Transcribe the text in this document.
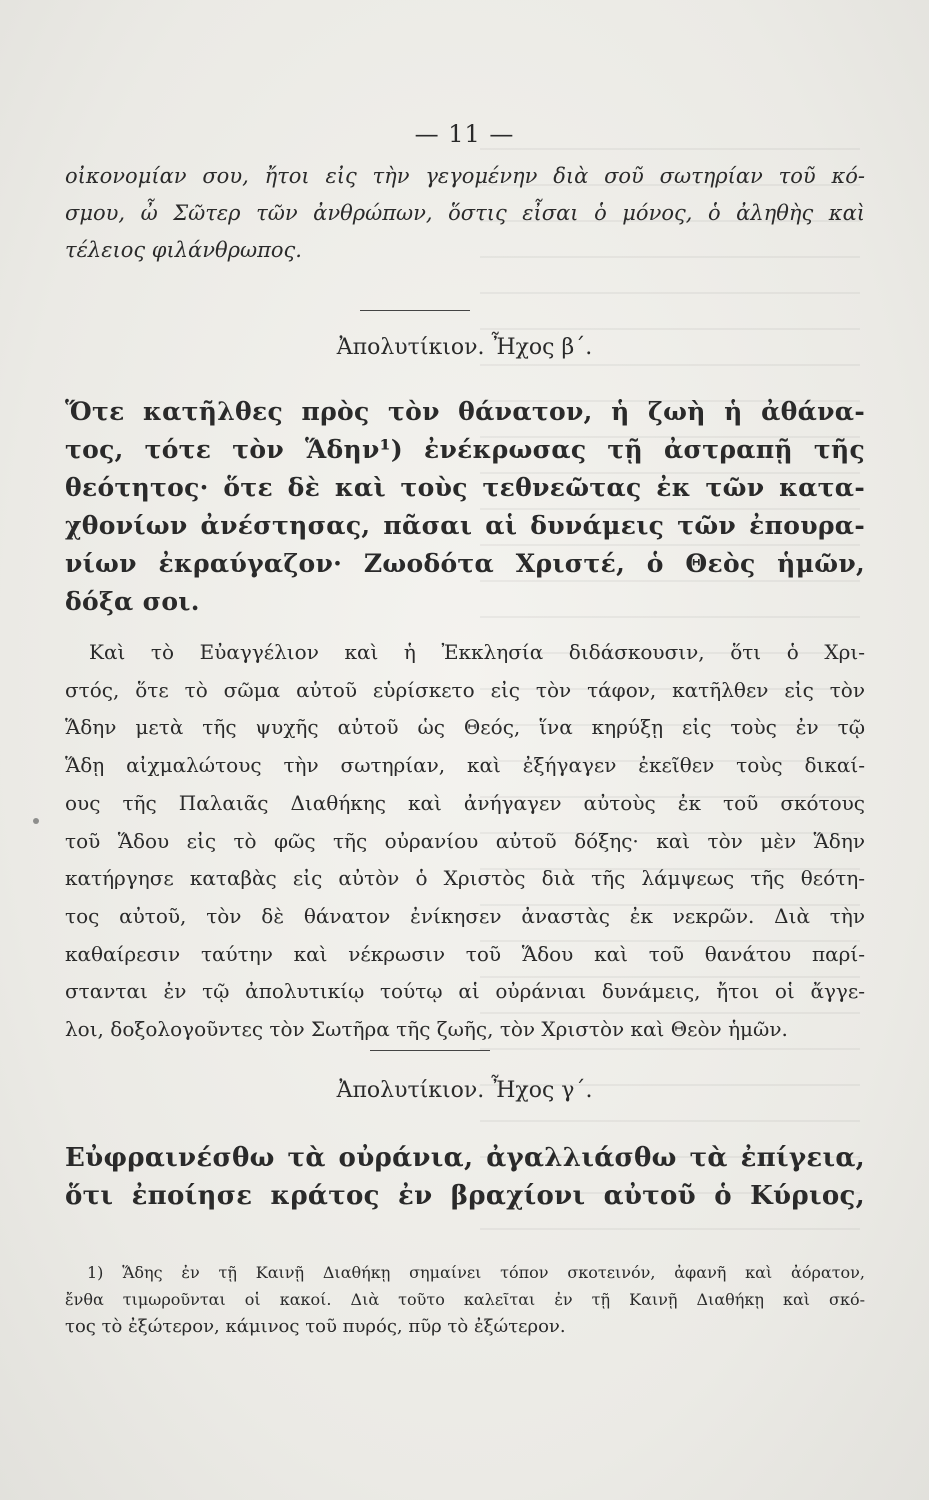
— 11 —
οἰκονομίαν σου, ἤτοι εἰς τὴν γεγομένην διὰ σοῦ σωτηρίαν τοῦ κό-
σμου, ὦ Σῶτερ τῶν ἀνθρώπων, ὅστις εἶσαι ὁ μόνος, ὁ ἀληθὴς καὶ
τέλειος φιλάνθρωπος.
Ἀπολυτίκιον. Ἦχος β΄.
Ὅτε κατῆλθες πρὸς τὸν θάνατον, ἡ ζωὴ ἡ ἀθάνα-
τος, τότε τὸν Ἅδην¹) ἐνέκρωσας τῇ ἀστραπῇ τῆς
θεότητος· ὅτε δὲ καὶ τοὺς τεθνεῶτας ἐκ τῶν κατα-
χθονίων ἀνέστησας, πᾶσαι αἱ δυνάμεις τῶν ἐπουρα-
νίων ἐκραύγαζον· Ζωοδότα Χριστέ, ὁ Θεὸς ἡμῶν,
δόξα σοι.
Καὶ τὸ Εὐαγγέλιον καὶ ἡ Ἐκκλησία διδάσκουσιν, ὅτι ὁ Χρι-
στός, ὅτε τὸ σῶμα αὐτοῦ εὑρίσκετο εἰς τὸν τάφον, κατῆλθεν εἰς τὸν
Ἅδην μετὰ τῆς ψυχῆς αὐτοῦ ὡς Θεός, ἵνα κηρύξῃ εἰς τοὺς ἐν τῷ
Ἅδῃ αἰχμαλώτους τὴν σωτηρίαν, καὶ ἐξήγαγεν ἐκεῖθεν τοὺς δικαί-
ους τῆς Παλαιᾶς Διαθήκης καὶ ἀνήγαγεν αὐτοὺς ἐκ τοῦ σκότους
τοῦ Ἅδου εἰς τὸ φῶς τῆς οὐρανίου αὐτοῦ δόξης· καὶ τὸν μὲν Ἅδην
κατήργησε καταβὰς εἰς αὐτὸν ὁ Χριστὸς διὰ τῆς λάμψεως τῆς θεότη-
τος αὐτοῦ, τὸν δὲ θάνατον ἐνίκησεν ἀναστὰς ἐκ νεκρῶν. Διὰ τὴν
καθαίρεσιν ταύτην καὶ νέκρωσιν τοῦ Ἅδου καὶ τοῦ θανάτου παρί-
στανται ἐν τῷ ἀπολυτικίῳ τούτῳ αἱ οὐράνιαι δυνάμεις, ἤτοι οἱ ἄγγε-
λοι, δοξολογοῦντες τὸν Σωτῆρα τῆς ζωῆς, τὸν Χριστὸν καὶ Θεὸν ἡμῶν.
Ἀπολυτίκιον. Ἦχος γ΄.
Εὐφραινέσθω τὰ οὐράνια, ἀγαλλιάσθω τὰ ἐπίγεια,
ὅτι ἐποίησε κράτος ἐν βραχίονι αὐτοῦ ὁ Κύριος,
1) Ἅδης ἐν τῇ Καινῇ Διαθήκῃ σημαίνει τόπον σκοτεινόν, ἀφανῆ καὶ ἀόρατον,
ἔνθα τιμωροῦνται οἱ κακοί. Διὰ τοῦτο καλεῖται ἐν τῇ Καινῇ Διαθήκῃ καὶ σκό-
τος τὸ ἐξώτερον, κάμινος τοῦ πυρός, πῦρ τὸ ἐξώτερον.
